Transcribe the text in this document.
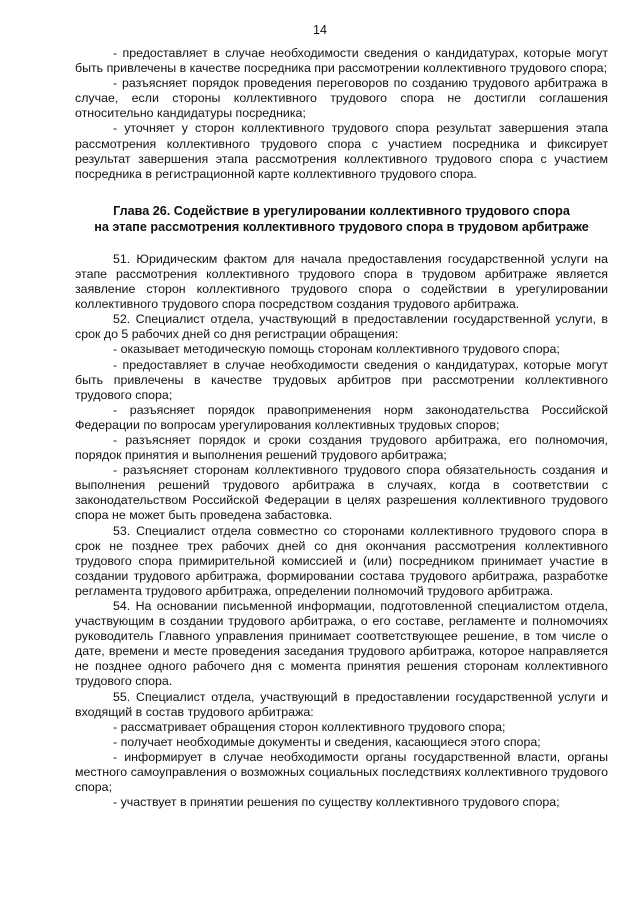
14

- предоставляет в случае необходимости сведения о кандидатурах, которые могут быть привлечены в качестве посредника при рассмотрении коллективного трудового спора;

- разъясняет порядок проведения переговоров по созданию трудового арбитража в случае, если стороны коллективного трудового спора не достигли соглашения относительно кандидатуры посредника;

- уточняет у сторон коллективного трудового спора результат завершения этапа рассмотрения коллективного трудового спора с участием посредника и фиксирует результат завершения этапа рассмотрения коллективного трудового спора с участием посредника в регистрационной карте коллективного трудового спора.

Глава 26. Содействие в урегулировании коллективного трудового спора
на этапе рассмотрения коллективного трудового спора в трудовом арбитраже

51. Юридическим фактом для начала предоставления государственной услуги на этапе рассмотрения коллективного трудового спора в трудовом арбитраже является заявление сторон коллективного трудового спора о содействии в урегулировании коллективного трудового спора посредством создания трудового арбитража.

52. Специалист отдела, участвующий в предоставлении государственной услуги, в срок до 5 рабочих дней со дня регистрации обращения:

- оказывает методическую помощь сторонам коллективного трудового спора;

- предоставляет в случае необходимости сведения о кандидатурах, которые могут быть привлечены в качестве трудовых арбитров при рассмотрении коллективного трудового спора;

- разъясняет порядок правоприменения норм законодательства Российской Федерации по вопросам урегулирования коллективных трудовых споров;

- разъясняет порядок и сроки создания трудового арбитража, его полномочия, порядок принятия и выполнения решений трудового арбитража;

- разъясняет сторонам коллективного трудового спора обязательность создания и выполнения решений трудового арбитража в случаях, когда в соответствии с законодательством Российской Федерации в целях разрешения коллективного трудового спора не может быть проведена забастовка.

53. Специалист отдела совместно со сторонами коллективного трудового спора в срок не позднее трех рабочих дней со дня окончания рассмотрения коллективного трудового спора примирительной комиссией и (или) посредником принимает участие в создании трудового арбитража, формировании состава трудового арбитража, разработке регламента трудового арбитража, определении полномочий трудового арбитража.

54. На основании письменной информации, подготовленной специалистом отдела, участвующим в создании трудового арбитража, о его составе, регламенте и полномочиях руководитель Главного управления принимает соответствующее решение, в том числе о дате, времени и месте проведения заседания трудового арбитража, которое направляется не позднее одного рабочего дня с момента принятия решения сторонам коллективного трудового спора.

55. Специалист отдела, участвующий в предоставлении государственной услуги и входящий в состав трудового арбитража:

- рассматривает обращения сторон коллективного трудового спора;

- получает необходимые документы и сведения, касающиеся этого спора;

- информирует в случае необходимости органы государственной власти, органы местного самоуправления о возможных социальных последствиях коллективного трудового спора;

- участвует в принятии решения по существу коллективного трудового спора;
